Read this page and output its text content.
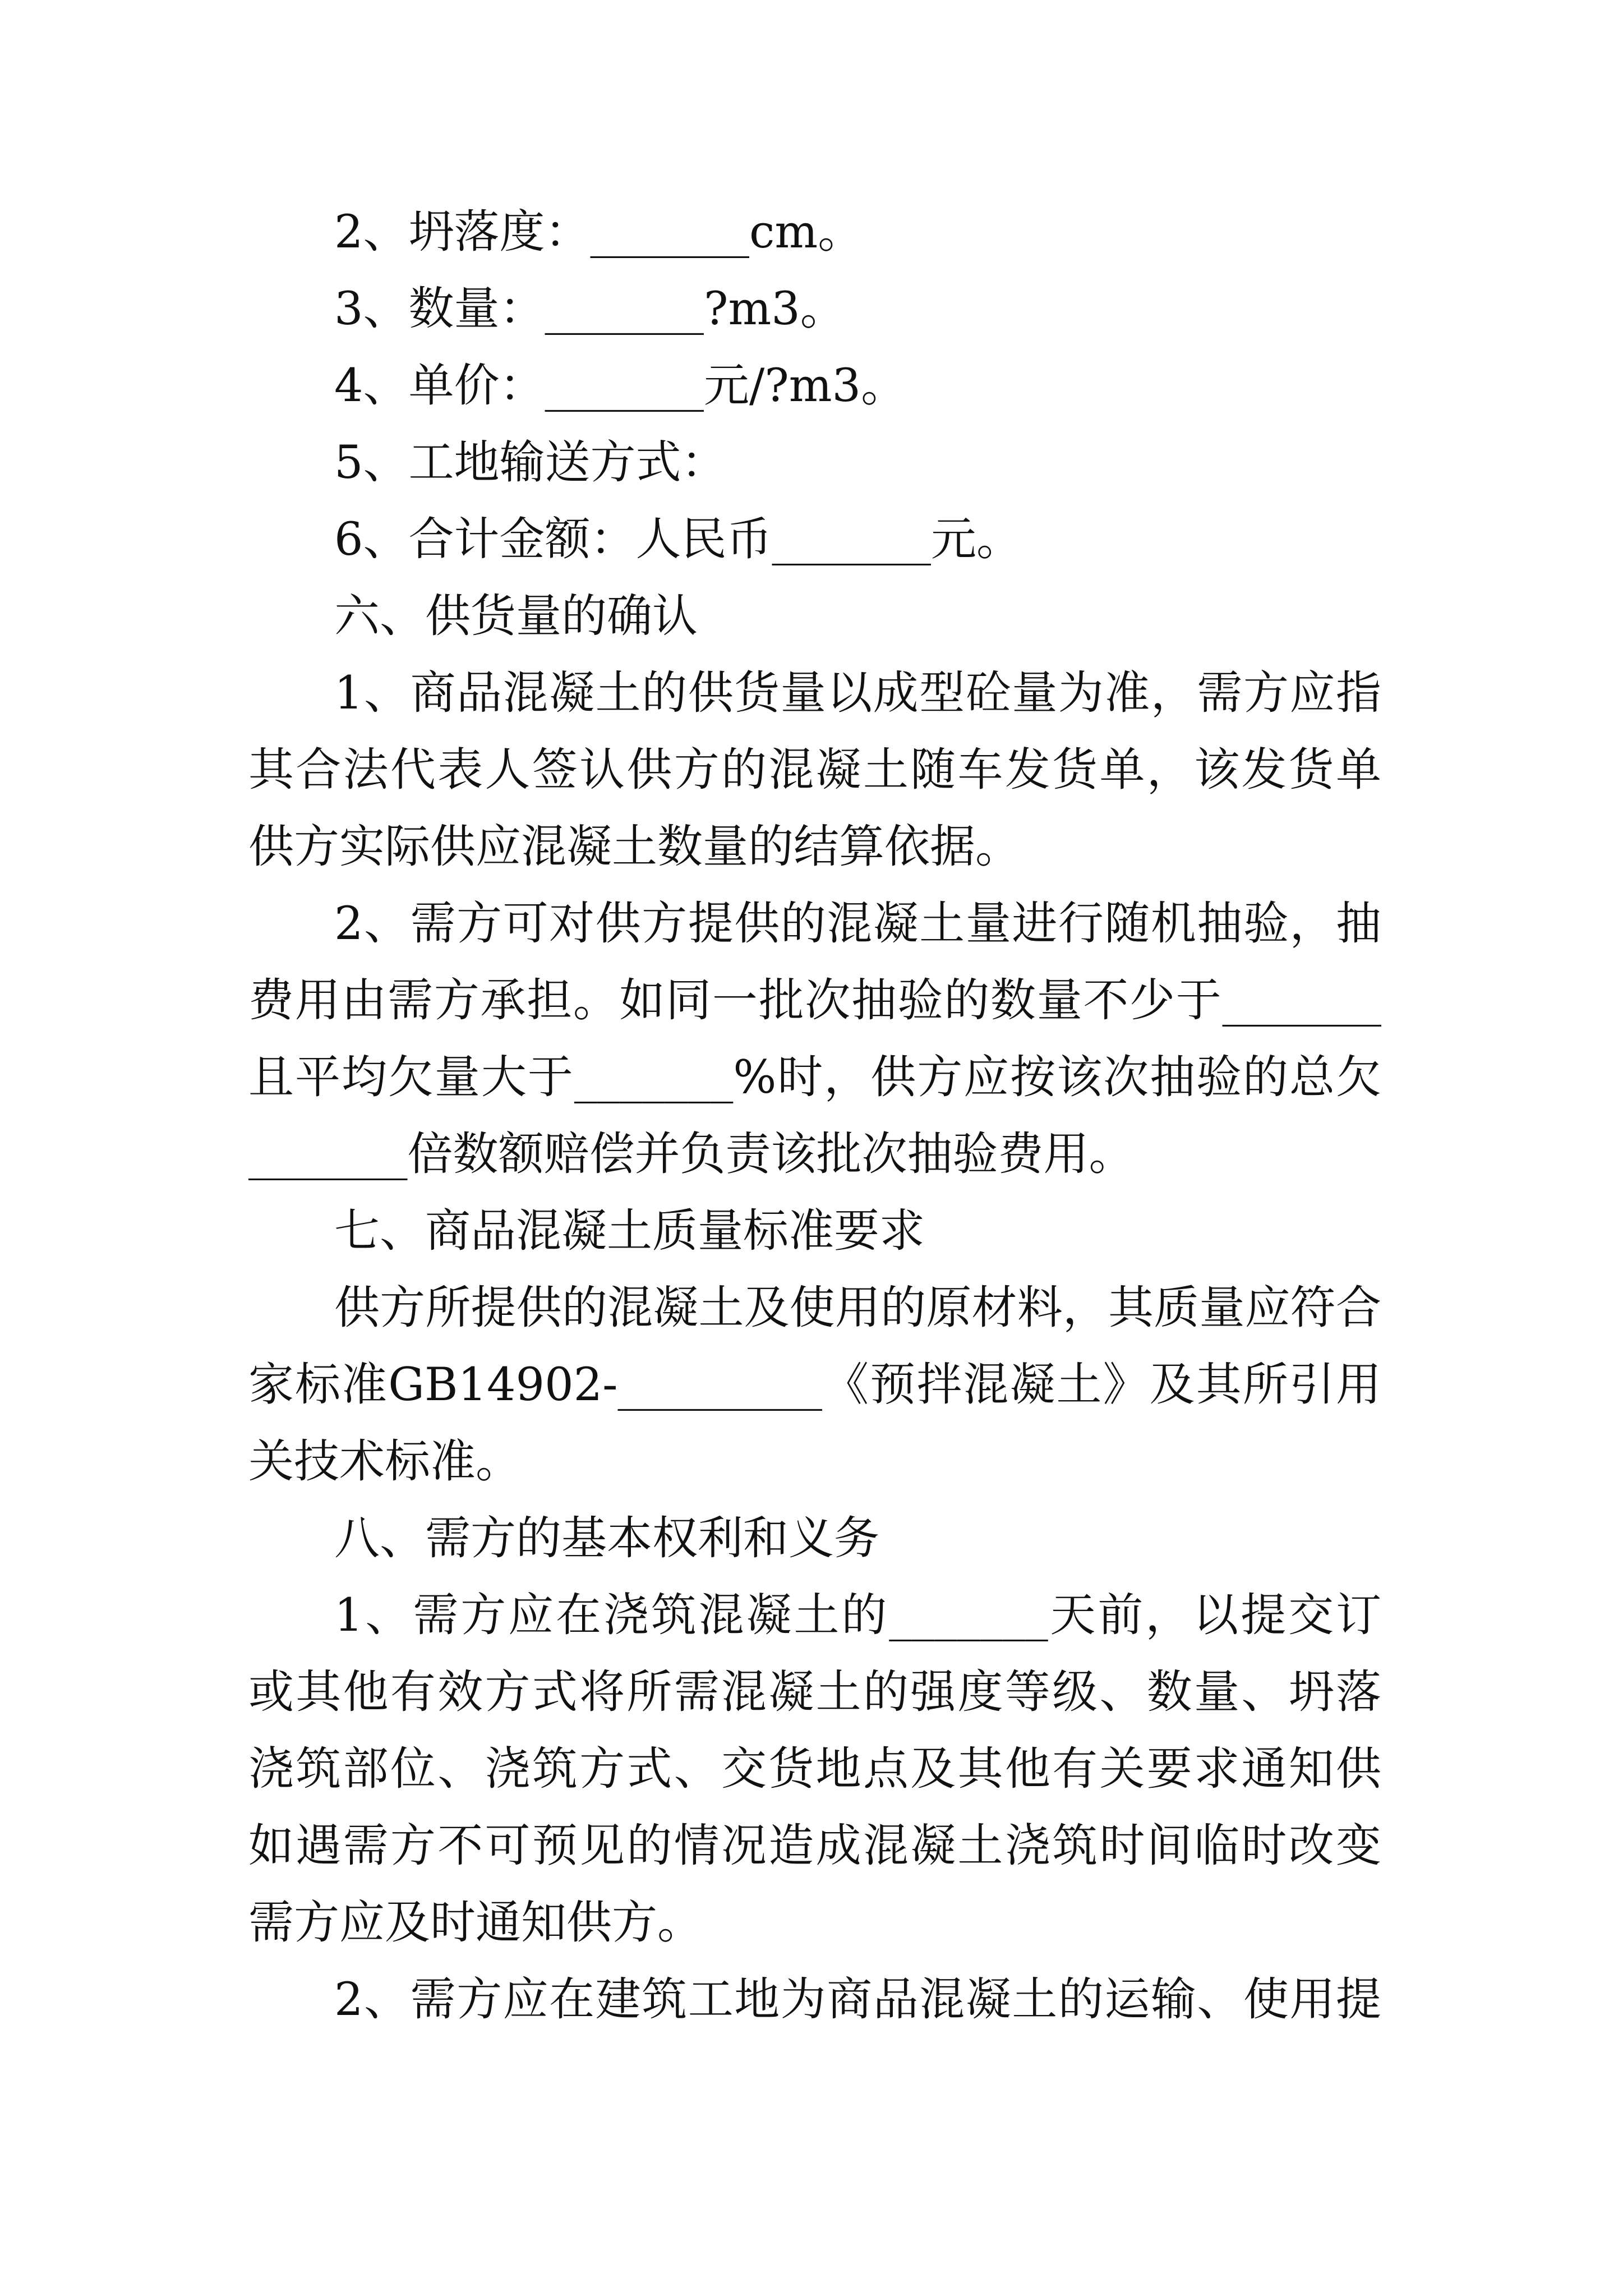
2、坍落度：_______cm。
3、数量：_______?m3。
4、单价：_______元/?m3。
5、工地输送方式：
6、合计金额：人民币_______元。
六、供货量的确认
1、商品混凝土的供货量以成型砼量为准，需方应指
其合法代表人签认供方的混凝土随车发货单，该发货单
供方实际供应混凝土数量的结算依据。
2、需方可对供方提供的混凝土量进行随机抽验，抽
费用由需方承担。如同一批次抽验的数量不少于_______
且平均欠量大于_______%时，供方应按该次抽验的总欠
_______倍数额赔偿并负责该批次抽验费用。
七、商品混凝土质量标准要求
供方所提供的混凝土及使用的原材料，其质量应符合
家标准GB14902-_________《预拌混凝土》及其所引用
关技术标准。
八、需方的基本权利和义务
1、需方应在浇筑混凝土的_______天前，以提交订
或其他有效方式将所需混凝土的强度等级、数量、坍落
浇筑部位、浇筑方式、交货地点及其他有关要求通知供
如遇需方不可预见的情况造成混凝土浇筑时间临时改变
需方应及时通知供方。
2、需方应在建筑工地为商品混凝土的运输、使用提
